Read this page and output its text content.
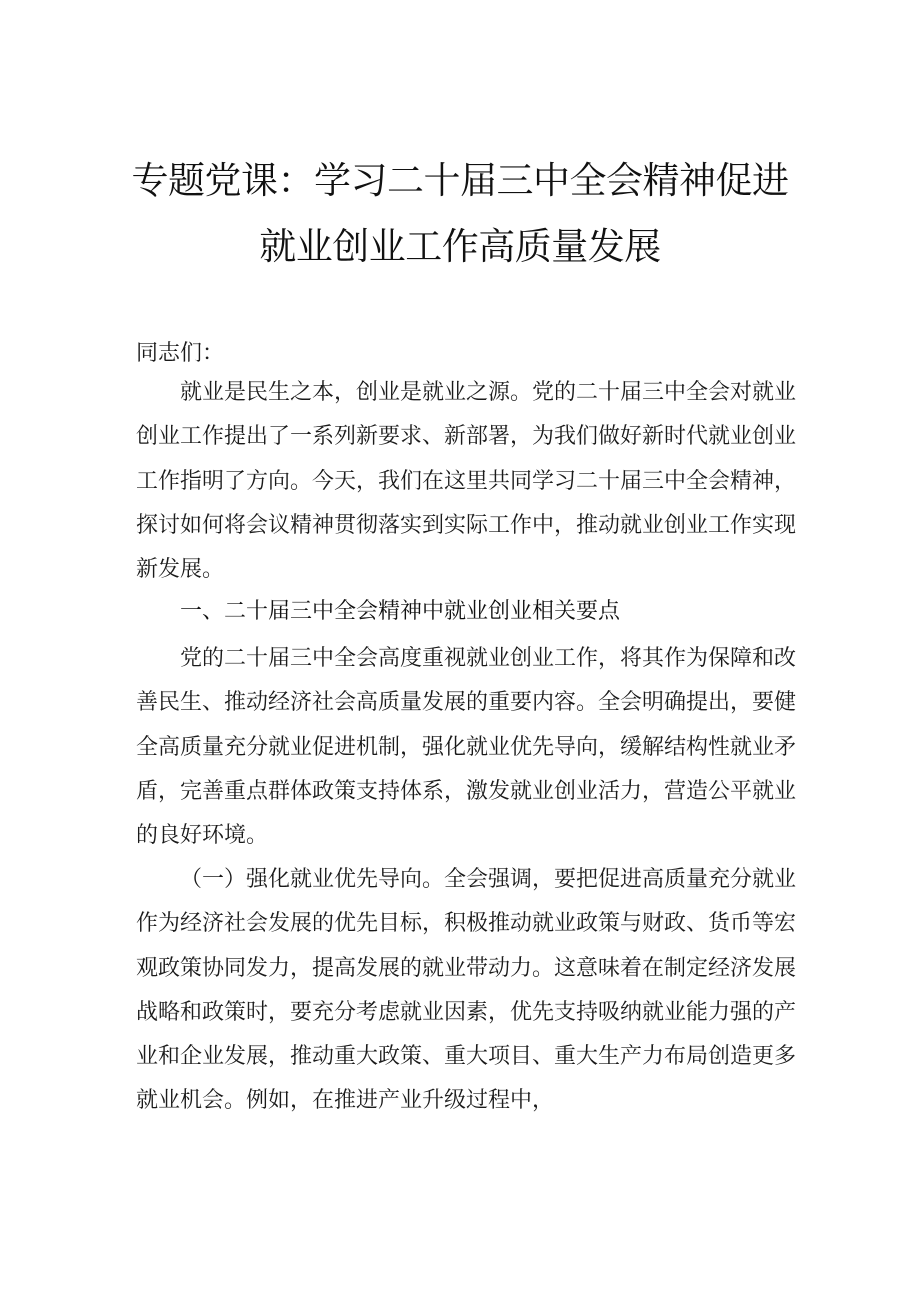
专题党课：学习二十届三中全会精神促进
就业创业工作高质量发展
同志们：

就业是民生之本，创业是就业之源。党的二十届三中全会对就业创业工作提出了一系列新要求、新部署，为我们做好新时代就业创业工作指明了方向。今天，我们在这里共同学习二十届三中全会精神，探讨如何将会议精神贯彻落实到实际工作中，推动就业创业工作实现新发展。

一、二十届三中全会精神中就业创业相关要点

党的二十届三中全会高度重视就业创业工作，将其作为保障和改善民生、推动经济社会高质量发展的重要内容。全会明确提出，要健全高质量充分就业促进机制，强化就业优先导向，缓解结构性就业矛盾，完善重点群体政策支持体系，激发就业创业活力，营造公平就业的良好环境。

（一）强化就业优先导向。全会强调，要把促进高质量充分就业作为经济社会发展的优先目标，积极推动就业政策与财政、货币等宏观政策协同发力，提高发展的就业带动力。这意味着在制定经济发展战略和政策时，要充分考虑就业因素，优先支持吸纳就业能力强的产业和企业发展，推动重大政策、重大项目、重大生产力布局创造更多就业机会。例如，在推进产业升级过程中，
